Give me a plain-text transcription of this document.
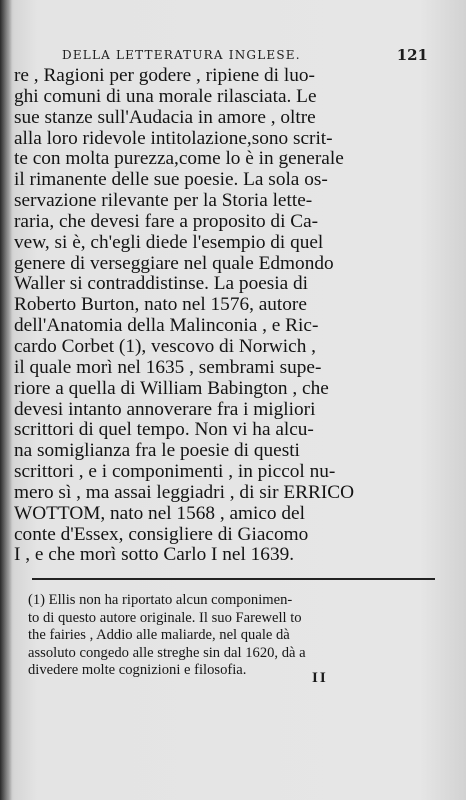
DELLA LETTERATURA INGLESE.	121
re , Ragioni per godere , ripiene di luo-
ghi comuni di una morale rilasciata. Le
sue stanze sull'Audacia in amore , oltre
alla loro ridevole intitolazione,sono scrit-
te con molta purezza,come lo è in generale
il rimanente delle sue poesie. La sola os-
servazione rilevante per la Storia lette-
raria, che devesi fare a proposito di Ca-
vew, si è, ch'egli diede l'esempio di quel
genere di verseggiare nel quale Edmondo
Waller si contraddistinse. La poesia di
Roberto Burton, nato nel 1576, autore
dell'Anatomia della Malinconia , e Ric-
cardo Corbet (1), vescovo di Norwich ,
il quale morì nel 1635 , sembrami supe-
riore a quella di William Babington , che
devesi intanto annoverare fra i migliori
scrittori di quel tempo. Non vi ha alcu-
na somiglianza fra le poesie di questi
scrittori , e i componimenti , in piccol nu-
mero sì , ma assai leggiadri , di sir ERRICO
WOTTOM, nato nel 1568 , amico del
conte d'Essex, consigliere di Giacomo
I , e che morì sotto Carlo I nel 1639.
(1) Ellis non ha riportato alcun componimen-
to di questo autore originale. Il suo Farewell to
the fairies , Addio alle maliarde, nel quale dà
assoluto congedo alle streghe sin dal 1620, dà a
divedere molte cognizioni e filosofia.	II
